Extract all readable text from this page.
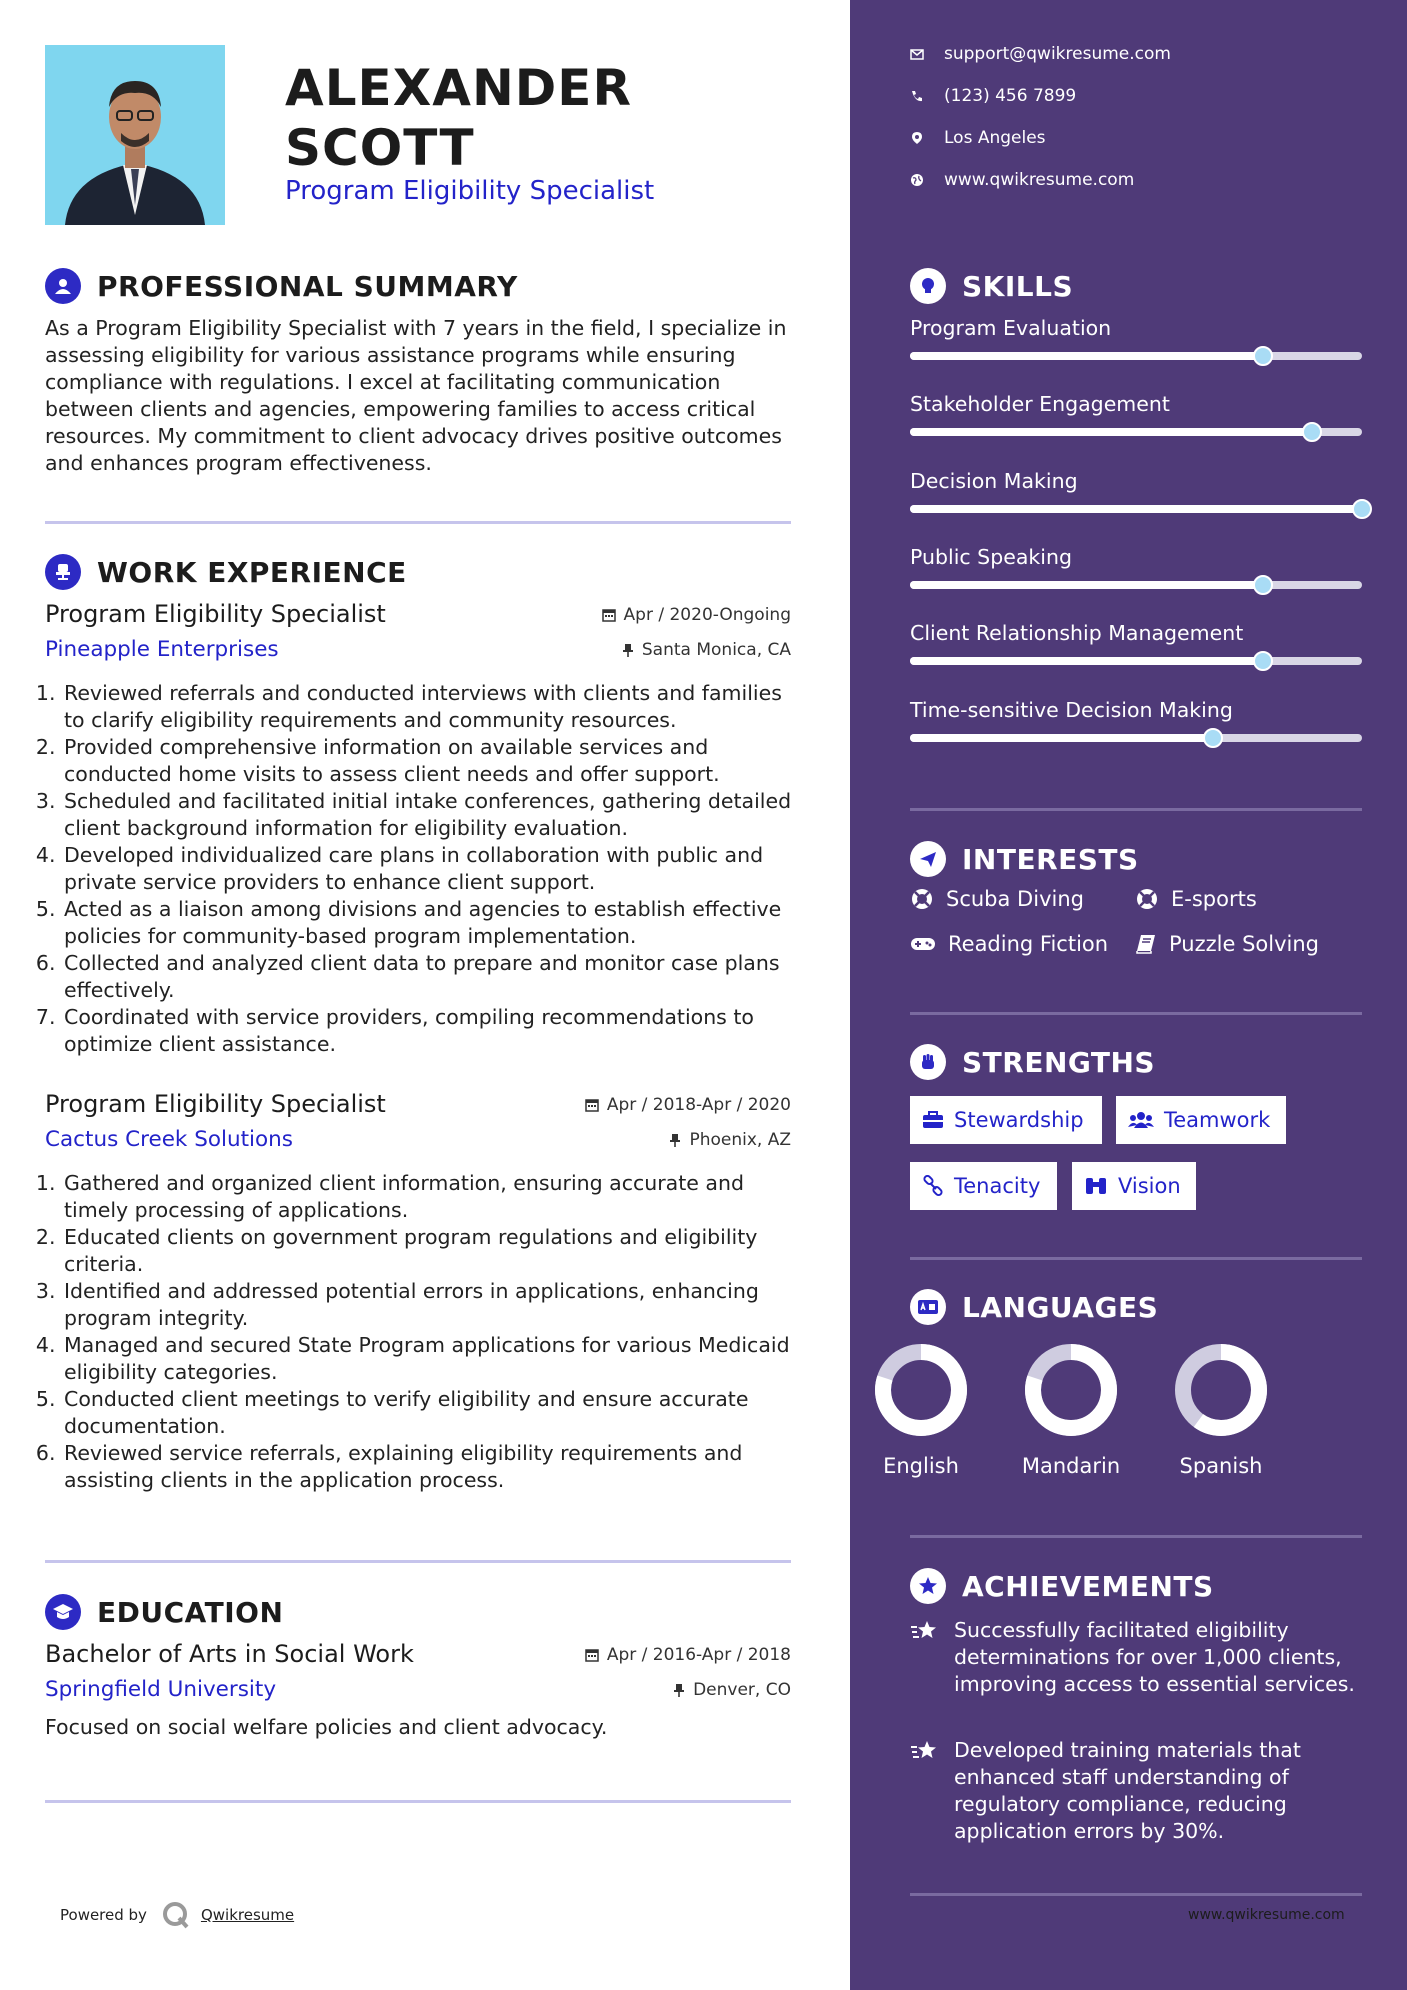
ALEXANDER
SCOTT
Program Eligibility Specialist
PROFESSIONAL SUMMARY
As a Program Eligibility Specialist with 7 years in the field, I specialize in assessing eligibility for various assistance programs while ensuring compliance with regulations. I excel at facilitating communication between clients and agencies, empowering families to access critical resources. My commitment to client advocacy drives positive outcomes and enhances program effectiveness.
WORK EXPERIENCE
Program Eligibility Specialist	Apr / 2020-Ongoing
Pineapple Enterprises	Santa Monica, CA
1. Reviewed referrals and conducted interviews with clients and families to clarify eligibility requirements and community resources.
2. Provided comprehensive information on available services and conducted home visits to assess client needs and offer support.
3. Scheduled and facilitated initial intake conferences, gathering detailed client background information for eligibility evaluation.
4. Developed individualized care plans in collaboration with public and private service providers to enhance client support.
5. Acted as a liaison among divisions and agencies to establish effective policies for community-based program implementation.
6. Collected and analyzed client data to prepare and monitor case plans effectively.
7. Coordinated with service providers, compiling recommendations to optimize client assistance.
Program Eligibility Specialist	Apr / 2018-Apr / 2020
Cactus Creek Solutions	Phoenix, AZ
1. Gathered and organized client information, ensuring accurate and timely processing of applications.
2. Educated clients on government program regulations and eligibility criteria.
3. Identified and addressed potential errors in applications, enhancing program integrity.
4. Managed and secured State Program applications for various Medicaid eligibility categories.
5. Conducted client meetings to verify eligibility and ensure accurate documentation.
6. Reviewed service referrals, explaining eligibility requirements and assisting clients in the application process.
EDUCATION
Bachelor of Arts in Social Work	Apr / 2016-Apr / 2018
Springfield University	Denver, CO
Focused on social welfare policies and client advocacy.
Powered by	Qwikresume
support@qwikresume.com
(123) 456 7899
Los Angeles
www.qwikresume.com
SKILLS
Program Evaluation
Stakeholder Engagement
Decision Making
Public Speaking
Client Relationship Management
Time-sensitive Decision Making
INTERESTS
Scuba Diving	E-sports
Reading Fiction	Puzzle Solving
STRENGTHS
Stewardship	Teamwork
Tenacity	Vision
LANGUAGES
English	Mandarin	Spanish
ACHIEVEMENTS
Successfully facilitated eligibility determinations for over 1,000 clients, improving access to essential services.
Developed training materials that enhanced staff understanding of regulatory compliance, reducing application errors by 30%.
www.qwikresume.com
